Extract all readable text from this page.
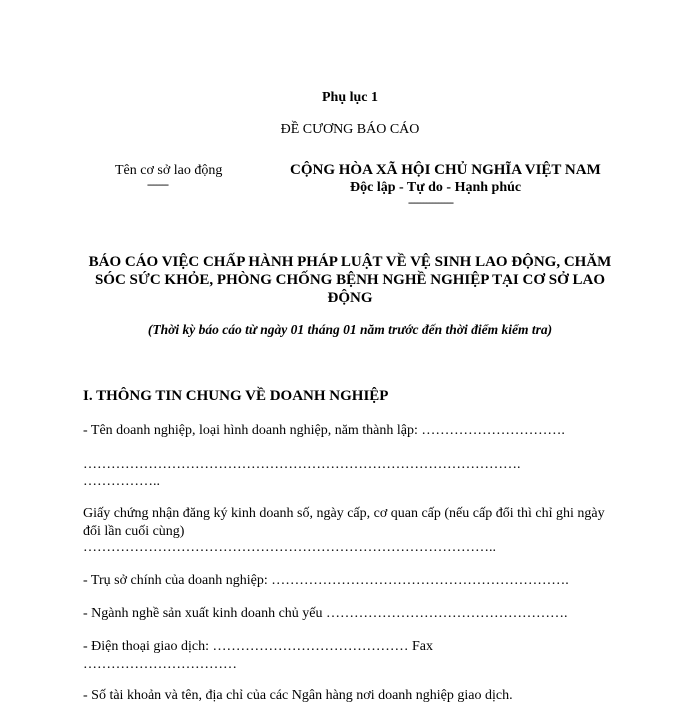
Phụ lục 1
ĐỀ CƯƠNG BÁO CÁO
Tên cơ sở lao động
-------
CỘNG HÒA XÃ HỘI CHỦ NGHĨA VIỆT NAM
Độc lập - Tự do - Hạnh phúc
---------------
BÁO CÁO VIỆC CHẤP HÀNH PHÁP LUẬT VỀ VỆ SINH LAO ĐỘNG, CHĂM SÓC SỨC KHỎE, PHÒNG CHỐNG BỆNH NGHỀ NGHIỆP TẠI CƠ SỞ LAO ĐỘNG
(Thời kỳ báo cáo từ ngày 01 tháng 01 năm trước đến thời điểm kiểm tra)
I. THÔNG TIN CHUNG VỀ DOANH NGHIỆP
- Tên doanh nghiệp, loại hình doanh nghiệp, năm thành lập: ………………………….
………………………………………………………………………………….
……………..
Giấy chứng nhận đăng ký kinh doanh số, ngày cấp, cơ quan cấp (nếu cấp đổi thì chỉ ghi ngày đổi lần cuối cùng)
……………………………………………………………………………..
- Trụ sở chính của doanh nghiệp: ……………………………………………………….
- Ngành nghề sản xuất kinh doanh chủ yếu …………………………………………….
- Điện thoại giao dịch: …………………………………… Fax
……………………………
- Số tài khoản và tên, địa chỉ của các Ngân hàng nơi doanh nghiệp giao dịch.
